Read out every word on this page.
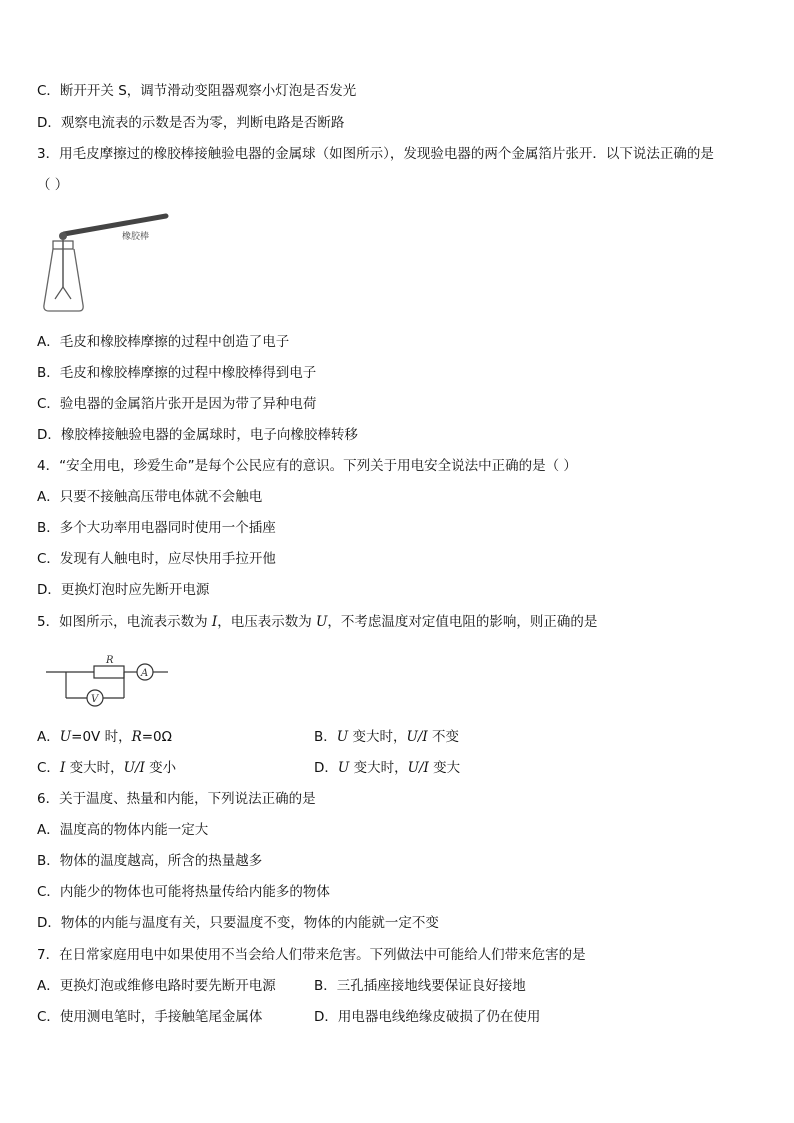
C．断开开关 S，调节滑动变阻器观察小灯泡是否发光
D．观察电流表的示数是否为零，判断电路是否断路
3．用毛皮摩擦过的橡胶棒接触验电器的金属球（如图所示），发现验电器的两个金属箔片张开．以下说法正确的是
（ ）
橡胶棒
A．毛皮和橡胶棒摩擦的过程中创造了电子
B．毛皮和橡胶棒摩擦的过程中橡胶棒得到电子
C．验电器的金属箔片张开是因为带了异种电荷
D．橡胶棒接触验电器的金属球时，电子向橡胶棒转移
4．“安全用电，珍爱生命”是每个公民应有的意识。下列关于用电安全说法中正确的是（ ）
A．只要不接触高压带电体就不会触电
B．多个大功率用电器同时使用一个插座
C．发现有人触电时，应尽快用手拉开他
D．更换灯泡时应先断开电源
5．如图所示，电流表示数为 I，电压表示数为 U，不考虑温度对定值电阻的影响，则正确的是
R
A
V
A．U=0V 时，R=0Ω	B．U 变大时，U/I 不变
C．I 变大时，U/I 变小	D．U 变大时，U/I 变大
6．关于温度、热量和内能，下列说法正确的是
A．温度高的物体内能一定大
B．物体的温度越高，所含的热量越多
C．内能少的物体也可能将热量传给内能多的物体
D．物体的内能与温度有关，只要温度不变，物体的内能就一定不变
7．在日常家庭用电中如果使用不当会给人们带来危害。下列做法中可能给人们带来危害的是
A．更换灯泡或维修电路时要先断开电源	B．三孔插座接地线要保证良好接地
C．使用测电笔时，手接触笔尾金属体	D．用电器电线绝缘皮破损了仍在使用
